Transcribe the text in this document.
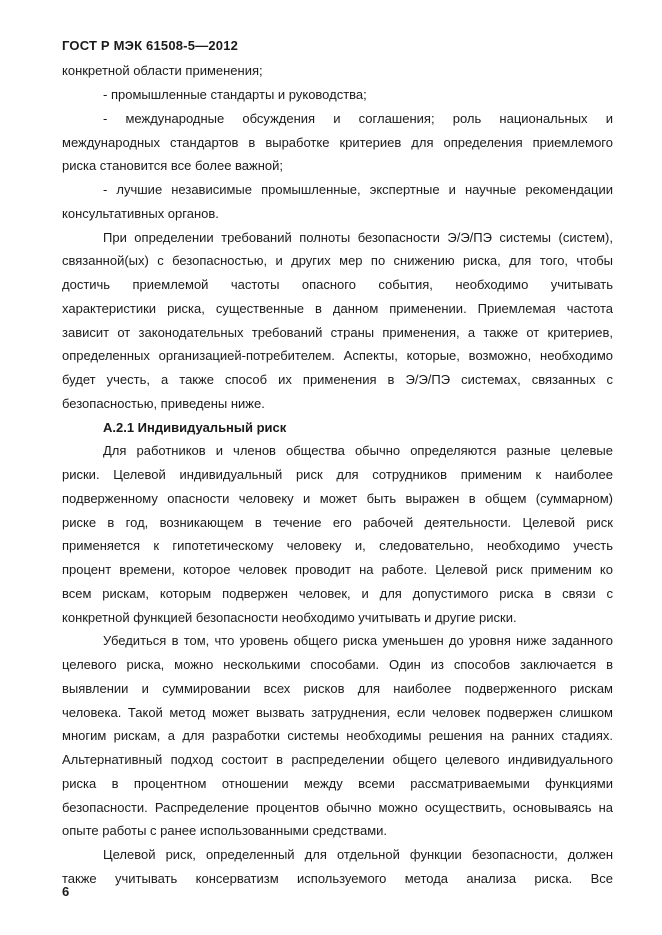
ГОСТ Р МЭК 61508-5—2012
конкретной области применения;
- промышленные стандарты и руководства;
- международные обсуждения и соглашения; роль национальных и
международных стандартов в выработке критериев для определения приемлемого
риска становится все более важной;
- лучшие независимые промышленные, экспертные и научные рекомендации
консультативных органов.
При определении требований полноты безопасности Э/Э/ПЭ системы (систем),
связанной(ых) с безопасностью, и других мер по снижению риска, для того, чтобы
достичь приемлемой частоты опасного события, необходимо учитывать
характеристики риска, существенные в данном применении. Приемлемая частота
зависит от законодательных требований страны применения, а также от критериев,
определенных организацией-потребителем. Аспекты, которые, возможно, необходимо
будет учесть, а также способ их применения в Э/Э/ПЭ системах, связанных с
безопасностью, приведены ниже.
А.2.1 Индивидуальный риск
Для работников и членов общества обычно определяются разные целевые
риски. Целевой индивидуальный риск для сотрудников применим к наиболее
подверженному опасности человеку и может быть выражен в общем (суммарном)
риске в год, возникающем в течение его рабочей деятельности. Целевой риск
применяется к гипотетическому человеку и, следовательно, необходимо учесть
процент времени, которое человек проводит на работе. Целевой риск применим ко
всем рискам, которым подвержен человек, и для допустимого риска в связи с
конкретной функцией безопасности необходимо учитывать и другие риски.
Убедиться в том, что уровень общего риска уменьшен до уровня ниже заданного
целевого риска, можно несколькими способами. Один из способов заключается в
выявлении и суммировании всех рисков для наиболее подверженного рискам
человека. Такой метод может вызвать затруднения, если человек подвержен слишком
многим рискам, а для разработки системы необходимы решения на ранних стадиях.
Альтернативный подход состоит в распределении общего целевого индивидуального
риска в процентном отношении между всеми рассматриваемыми функциями
безопасности. Распределение процентов обычно можно осуществить, основываясь на
опыте работы с ранее использованными средствами.
Целевой риск, определенный для отдельной функции безопасности, должен
также учитывать консерватизм используемого метода анализа риска. Все
6
